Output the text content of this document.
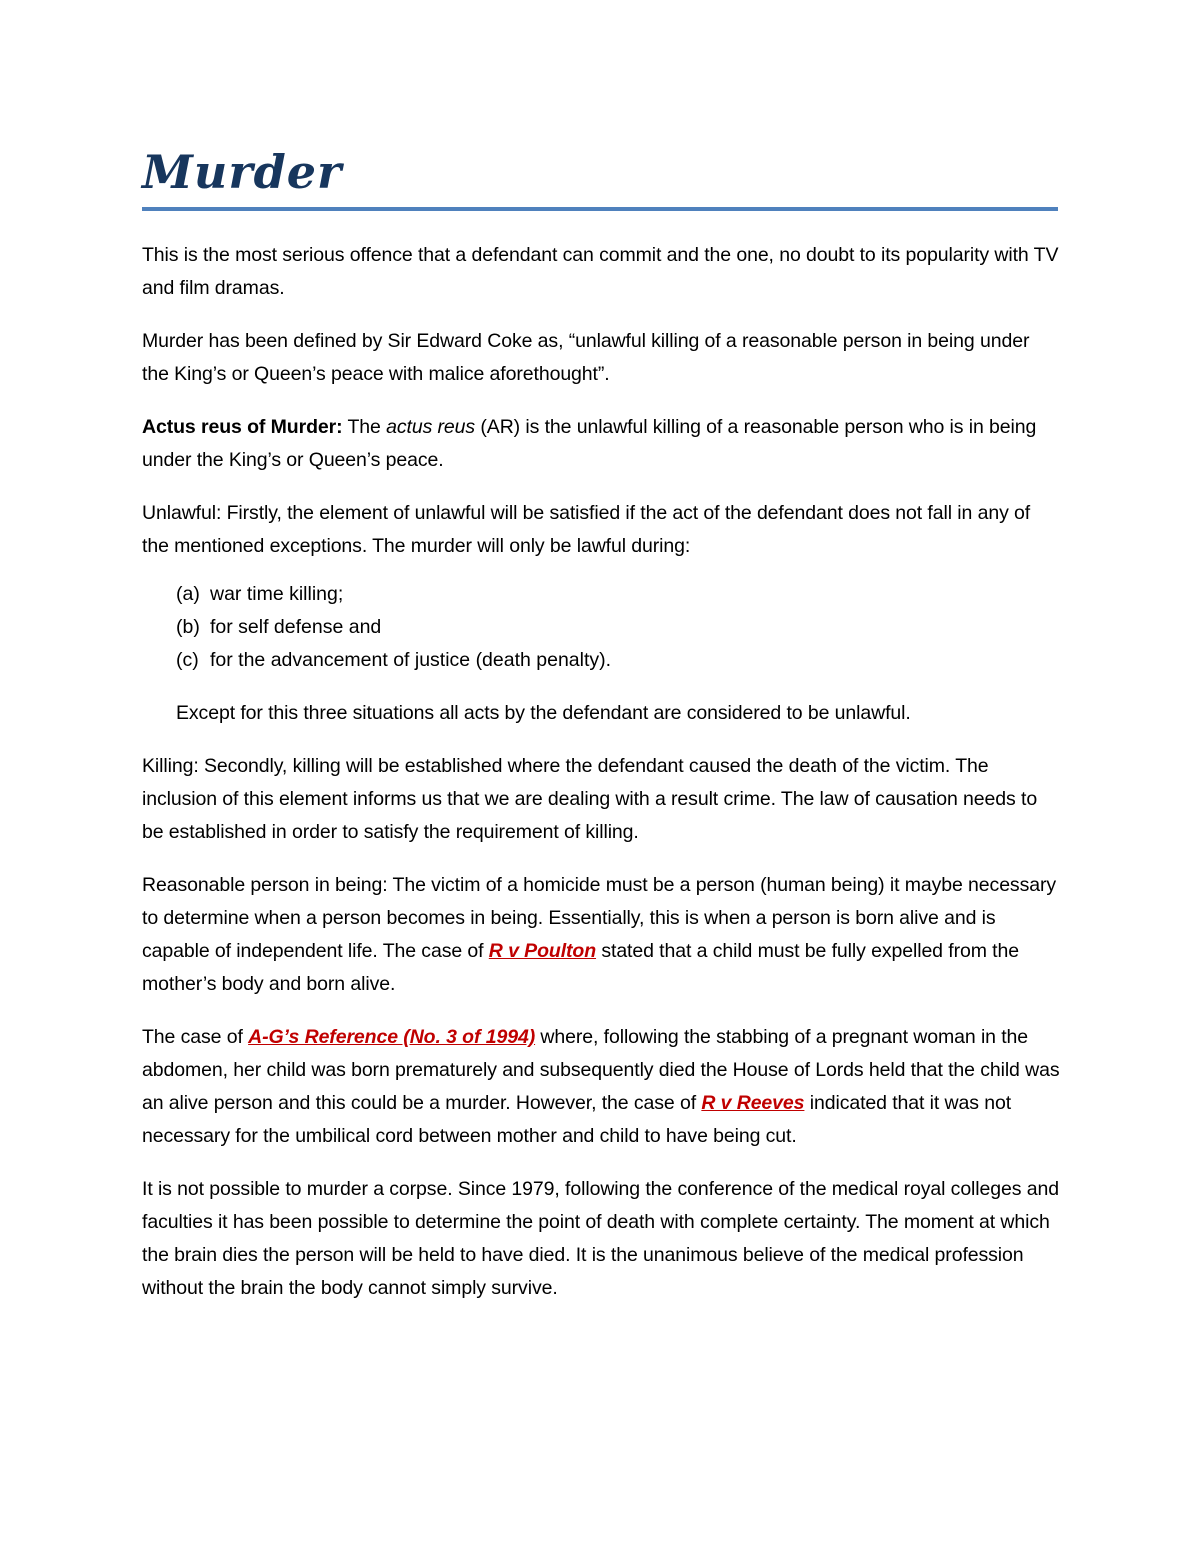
Murder

This is the most serious offence that a defendant can commit and the one, no doubt to its popularity with TV and film dramas.

Murder has been defined by Sir Edward Coke as, “unlawful killing of a reasonable person in being under the King’s or Queen’s peace with malice aforethought”.

Actus reus of Murder: The actus reus (AR) is the unlawful killing of a reasonable person who is in being under the King’s or Queen’s peace.

Unlawful: Firstly, the element of unlawful will be satisfied if the act of the defendant does not fall in any of the mentioned exceptions. The murder will only be lawful during:

(a) war time killing;
(b) for self defense and
(c) for the advancement of justice (death penalty).

Except for this three situations all acts by the defendant are considered to be unlawful.

Killing: Secondly, killing will be established where the defendant caused the death of the victim. The inclusion of this element informs us that we are dealing with a result crime. The law of causation needs to be established in order to satisfy the requirement of killing.

Reasonable person in being: The victim of a homicide must be a person (human being) it maybe necessary to determine when a person becomes in being. Essentially, this is when a person is born alive and is capable of independent life. The case of R v Poulton stated that a child must be fully expelled from the mother’s body and born alive.

The case of A-G’s Reference (No. 3 of 1994) where, following the stabbing of a pregnant woman in the abdomen, her child was born prematurely and subsequently died the House of Lords held that the child was an alive person and this could be a murder. However, the case of R v Reeves indicated that it was not necessary for the umbilical cord between mother and child to have being cut.

It is not possible to murder a corpse. Since 1979, following the conference of the medical royal colleges and faculties it has been possible to determine the point of death with complete certainty. The moment at which the brain dies the person will be held to have died. It is the unanimous believe of the medical profession without the brain the body cannot simply survive.
